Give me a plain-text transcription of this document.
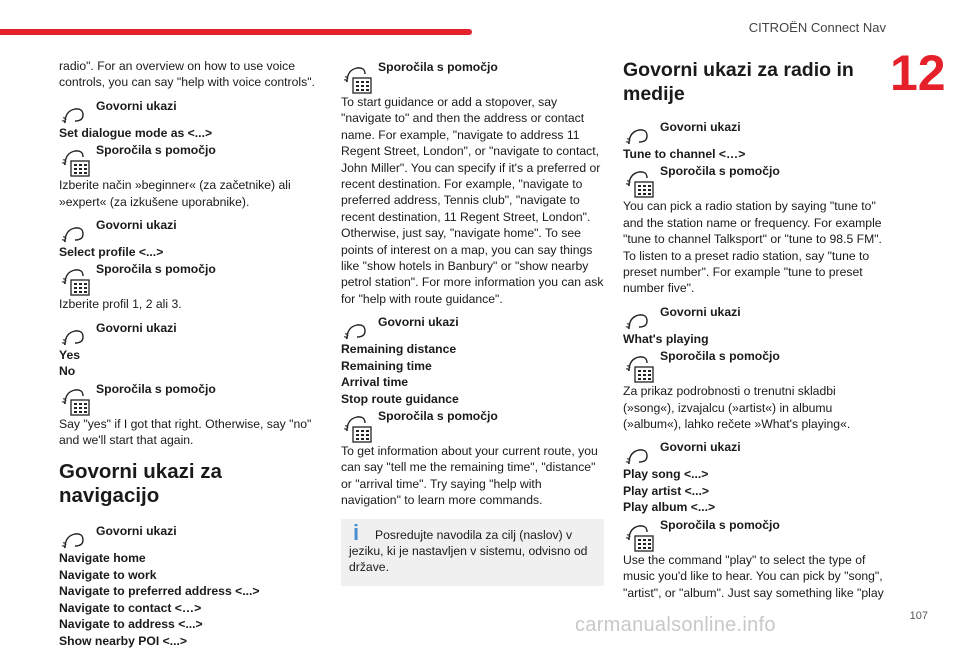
CITROËN Connect Nav
12

radio". For an overview on how to use voice controls, you can say "help with voice controls".

Govorni ukazi
Set dialogue mode as <...>
Sporočila s pomočjo

Izberite način »beginner« (za začetnike) ali »expert« (za izkušene uporabnike).

Govorni ukazi
Select profile <...>
Sporočila s pomočjo

Izberite profil 1, 2 ali 3.

Govorni ukazi
Yes
No
Sporočila s pomočjo

Say "yes" if I got that right. Otherwise, say "no" and we'll start that again.

Govorni ukazi za navigacijo
Govorni ukazi
Navigate home
Navigate to work
Navigate to preferred address <...>
Navigate to contact <…>
Navigate to address <...>
Show nearby POI <...>
Sporočila s pomočjo

To start guidance or add a stopover, say "navigate to" and then the address or contact name. For example, "navigate to address 11 Regent Street, London", or "navigate to contact, John Miller". You can specify if it's a preferred or recent destination. For example, "navigate to preferred address, Tennis club", "navigate to recent destination, 11 Regent Street, London". Otherwise, just say, "navigate home". To see points of interest on a map, you can say things like "show hotels in Banbury" or "show nearby petrol station". For more information you can ask for "help with route guidance".

Govorni ukazi
Remaining distance
Remaining time
Arrival time
Stop route guidance
Sporočila s pomočjo

To get information about your current route, you can say "tell me the remaining time", "distance" or "arrival time". Try saying "help with navigation" to learn more commands.

i	Posredujte navodila za cilj (naslov) v jeziku, ki je nastavljen v sistemu, odvisno od države.
Govorni ukazi za radio in medije
Govorni ukazi
Tune to channel <…>
Sporočila s pomočjo

You can pick a radio station by saying "tune to" and the station name or frequency. For example "tune to channel Talksport" or "tune to 98.5 FM". To listen to a preset radio station, say "tune to preset number". For example "tune to preset number five".

Govorni ukazi
What's playing
Sporočila s pomočjo

Za prikaz podrobnosti o trenutni skladbi (»song«), izvajalcu (»artist«) in albumu (»album«), lahko rečete »What's playing«.

Govorni ukazi
Play song <...>
Play artist <...>
Play album <...>
Sporočila s pomočjo

Use the command "play" to select the type of music you'd like to hear. You can pick by "song", "artist", or "album". Just say something like "play

carmanualsonline.info	107
